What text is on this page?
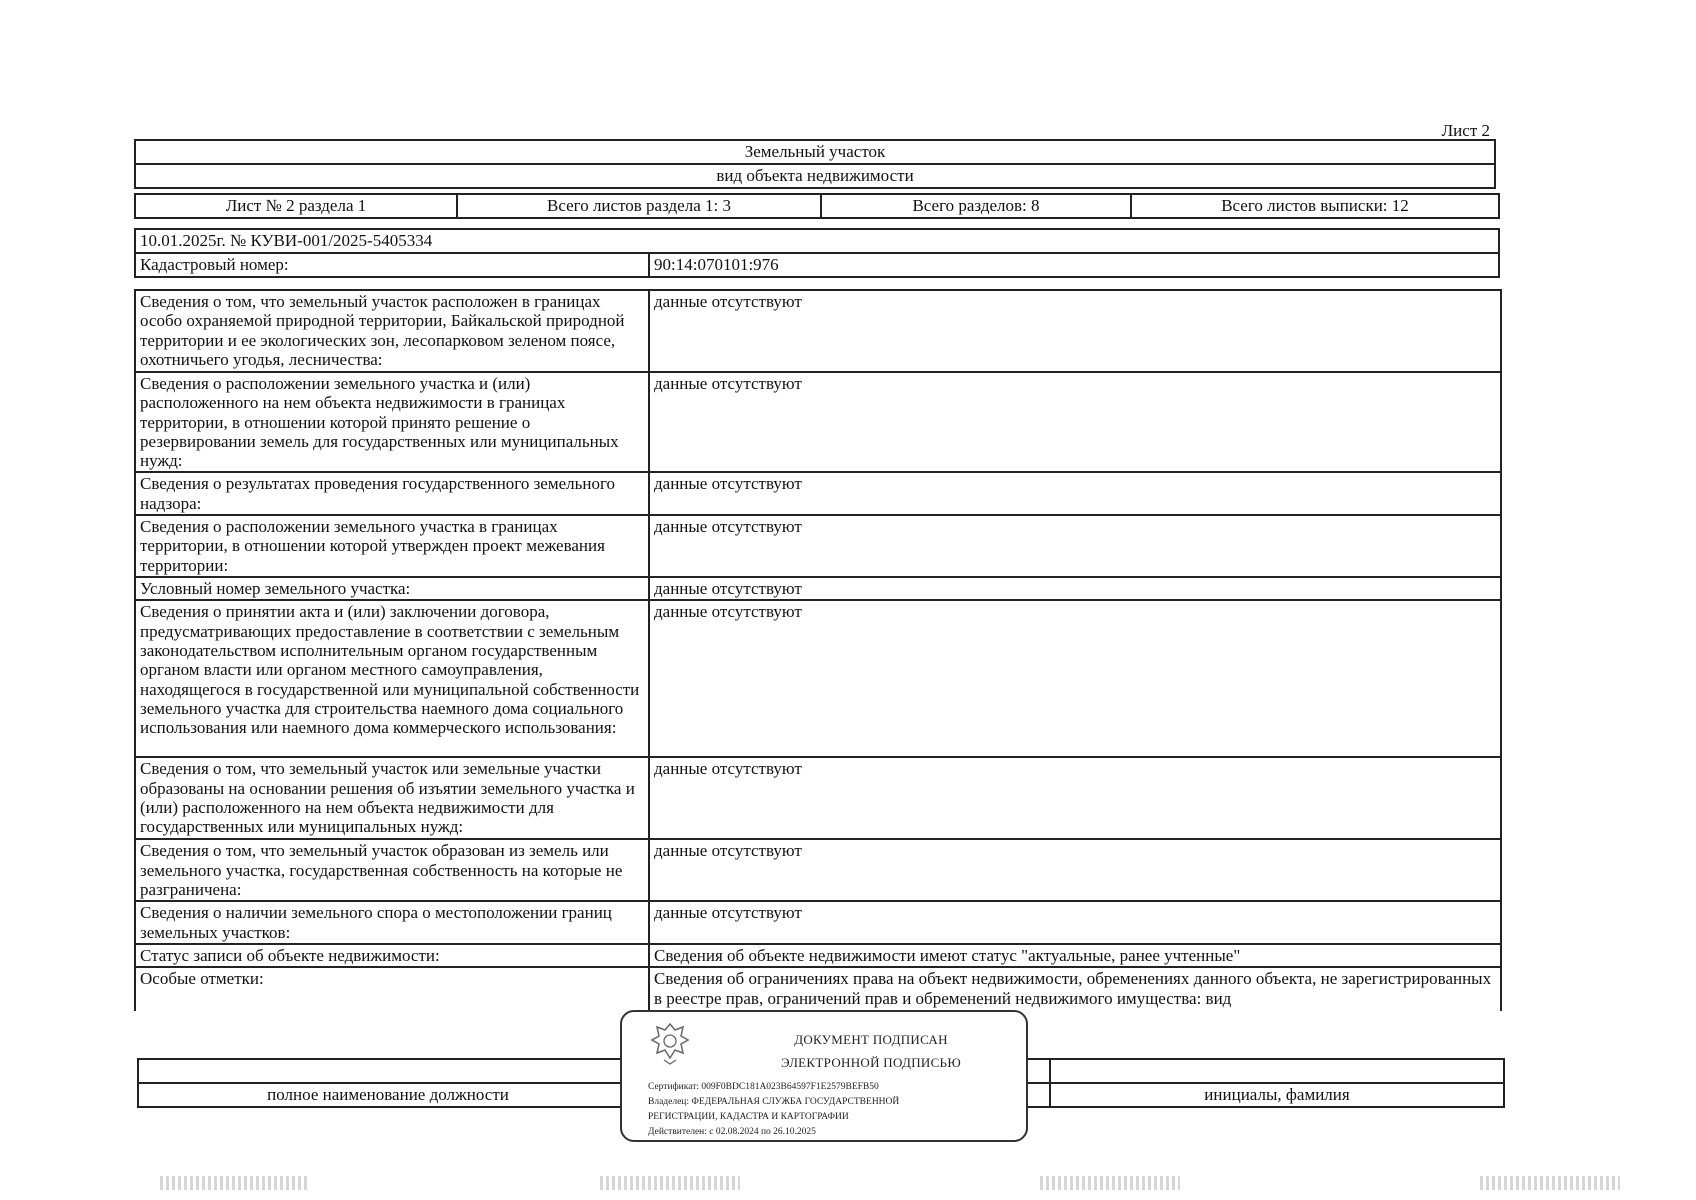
Лист 2
Земельный участок
вид объекта недвижимости
Лист № 2 раздела 1	Всего листов раздела 1: 3	Всего разделов: 8	Всего листов выписки: 12
10.01.2025г. № КУВИ-001/2025-5405334
Кадастровый номер:	90:14:070101:976
Сведения о том, что земельный участок расположен в границах особо охраняемой природной территории, Байкальской природной территории и ее экологических зон, лесопарковом зеленом поясе, охотничьего угодья, лесничества:	данные отсутствуют
Сведения о расположении земельного участка и (или) расположенного на нем объекта недвижимости в границах территории, в отношении которой принято решение о резервировании земель для государственных или муниципальных нужд:	данные отсутствуют
Сведения о результатах проведения государственного земельного надзора:	данные отсутствуют
Сведения о расположении земельного участка в границах территории, в отношении которой утвержден проект межевания территории:	данные отсутствуют
Условный номер земельного участка:	данные отсутствуют
Сведения о принятии акта и (или) заключении договора, предусматривающих предоставление в соответствии с земельным законодательством исполнительным органом государственным органом власти или органом местного самоуправления, находящегося в государственной или муниципальной собственности земельного участка для строительства наемного дома социального использования или наемного дома коммерческого использования:	данные отсутствуют
Сведения о том, что земельный участок или земельные участки образованы на основании решения об изъятии земельного участка и (или) расположенного на нем объекта недвижимости для государственных или муниципальных нужд:	данные отсутствуют
Сведения о том, что земельный участок образован из земель или земельного участка, государственная собственность на которые не разграничена:	данные отсутствуют
Сведения о наличии земельного спора о местоположении границ земельных участков:	данные отсутствуют
Статус записи об объекте недвижимости:	Сведения об объекте недвижимости имеют статус "актуальные, ранее учтенные"
Особые отметки:	Сведения об ограничениях права на объект недвижимости, обременениях данного объекта, не зарегистрированных в реестре прав, ограничений прав и обременений недвижимого имущества: вид

полное наименование должности		инициалы, фамилия
ДОКУМЕНТ ПОДПИСАН
ЭЛЕКТРОННОЙ ПОДПИСЬЮ
Сертификат: 009F0BDC181A023B64597F1E2579BEFB50
Владелец: ФЕДЕРАЛЬНАЯ СЛУЖБА ГОСУДАРСТВЕННОЙ
РЕГИСТРАЦИИ, КАДАСТРА И КАРТОГРАФИИ
Действителен: с 02.08.2024 по 26.10.2025
